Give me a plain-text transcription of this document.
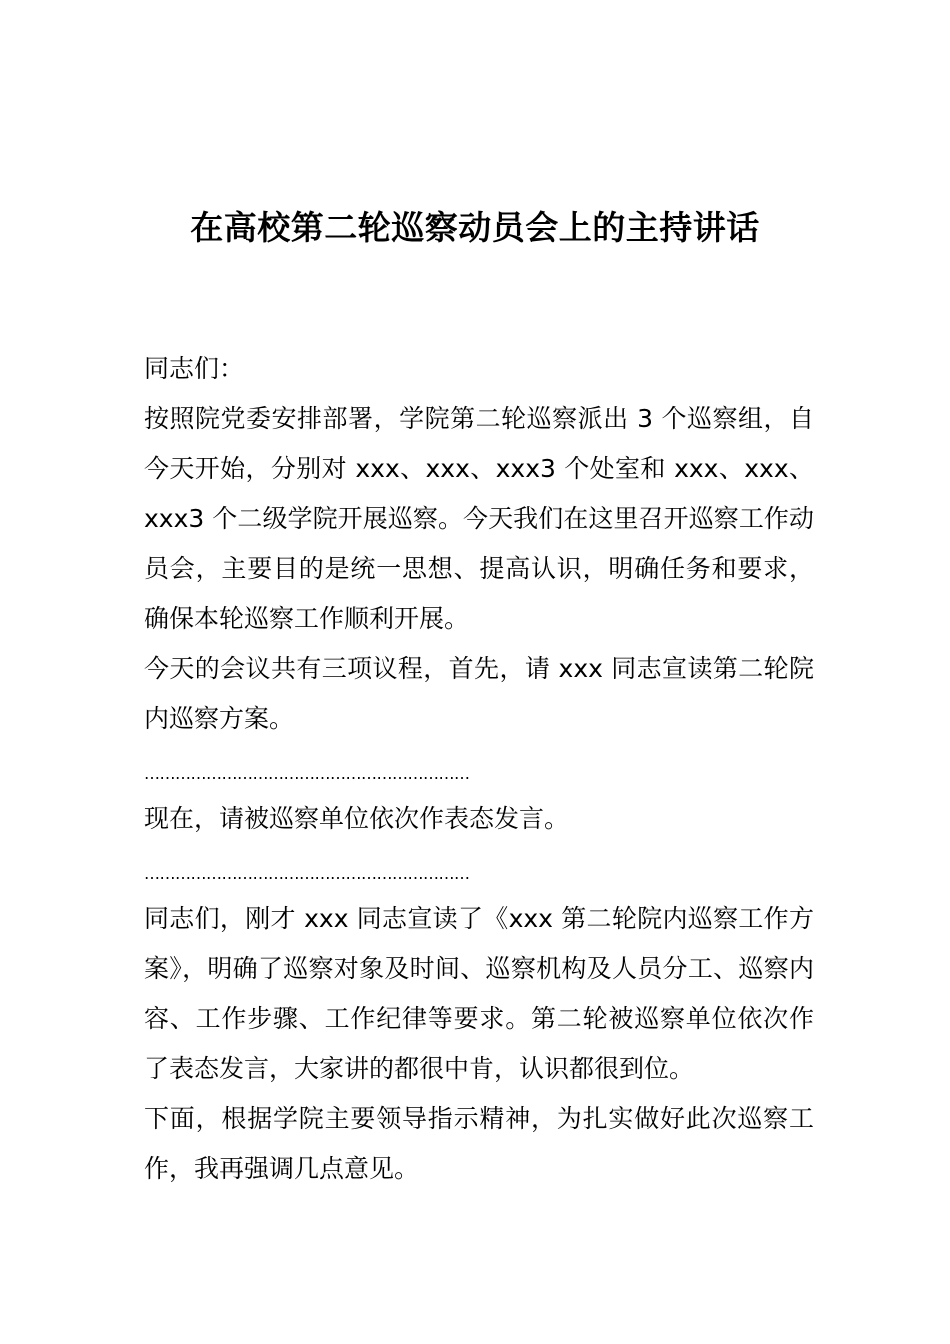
在高校第二轮巡察动员会上的主持讲话

同志们：

按照院党委安排部署，学院第二轮巡察派出 3 个巡察组，自今天开始，分别对 xxx、xxx、xxx3 个处室和 xxx、xxx、xxx3 个二级学院开展巡察。今天我们在这里召开巡察工作动员会，主要目的是统一思想、提高认识，明确任务和要求，确保本轮巡察工作顺利开展。

今天的会议共有三项议程，首先，请 xxx 同志宣读第二轮院内巡察方案。

………………………………………………………

现在，请被巡察单位依次作表态发言。

………………………………………………………

同志们，刚才 xxx 同志宣读了《xxx 第二轮院内巡察工作方案》，明确了巡察对象及时间、巡察机构及人员分工、巡察内容、工作步骤、工作纪律等要求。第二轮被巡察单位依次作了表态发言，大家讲的都很中肯，认识都很到位。

下面，根据学院主要领导指示精神，为扎实做好此次巡察工作，我再强调几点意见。
